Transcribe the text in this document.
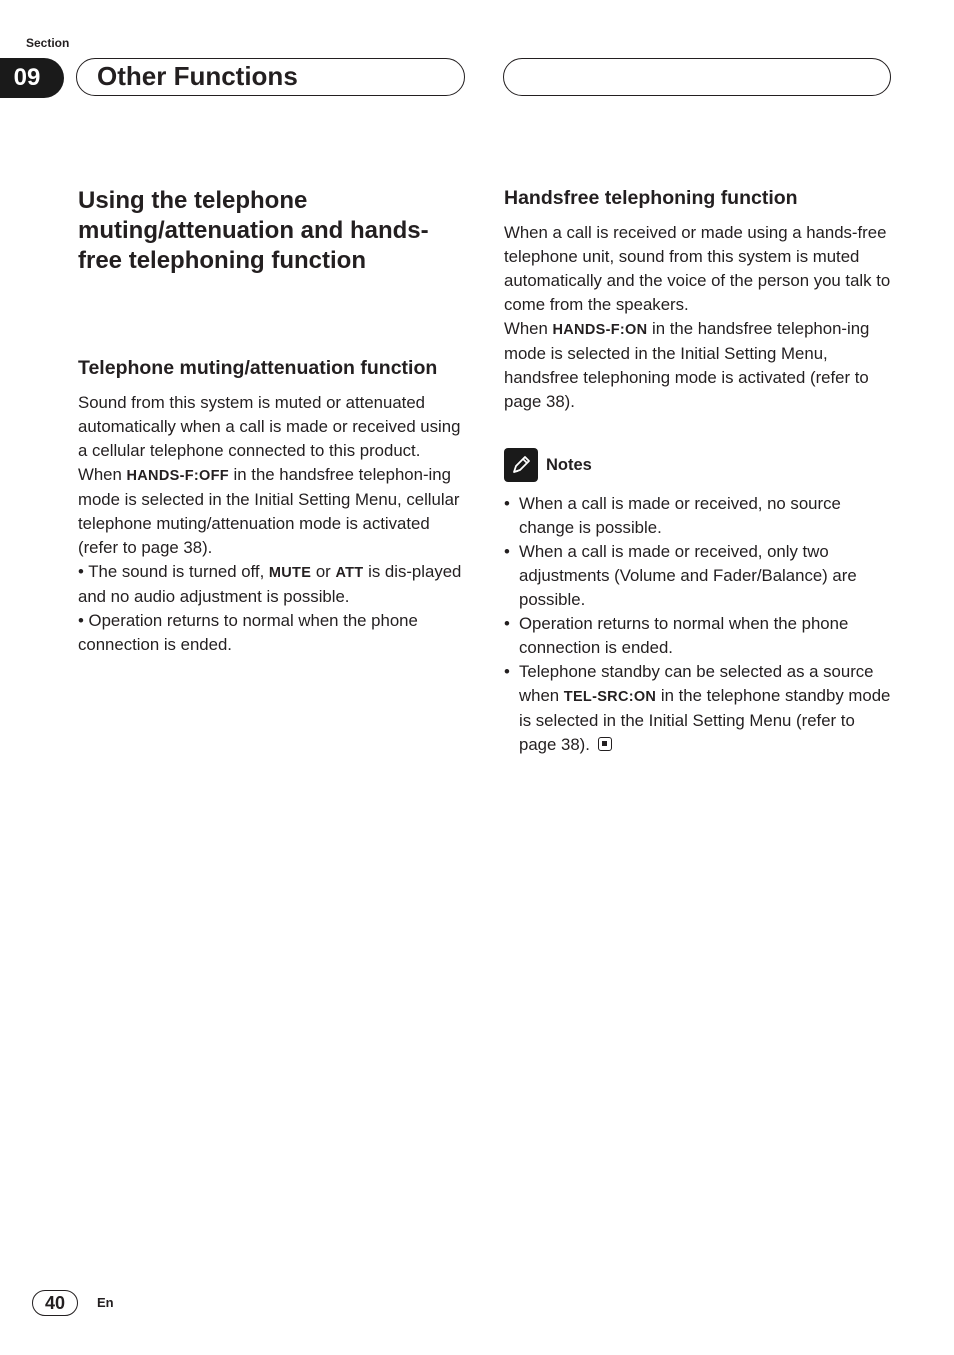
Section
09	Other Functions
Using the telephone muting/attenuation and hands-free telephoning function
Telephone muting/attenuation function

Sound from this system is muted or attenuated automatically when a call is made or received using a cellular telephone connected to this product.

When HANDS-F:OFF in the handsfree telephon-ing mode is selected in the Initial Setting Menu, cellular telephone muting/attenuation mode is activated (refer to page 38).

• The sound is turned off, MUTE or ATT is dis-played and no audio adjustment is possible.

• Operation returns to normal when the phone connection is ended.

Handsfree telephoning function

When a call is received or made using a hands-free telephone unit, sound from this system is muted automatically and the voice of the person you talk to come from the speakers.

When HANDS-F:ON in the handsfree telephon-ing mode is selected in the Initial Setting Menu, handsfree telephoning mode is activated (refer to page 38).

Notes
• When a call is made or received, no source change is possible.
• When a call is made or received, only two adjustments (Volume and Fader/Balance) are possible.
• Operation returns to normal when the phone connection is ended.
• Telephone standby can be selected as a source when TEL-SRC:ON in the telephone standby mode is selected in the Initial Setting Menu (refer to page 38).
40	En
